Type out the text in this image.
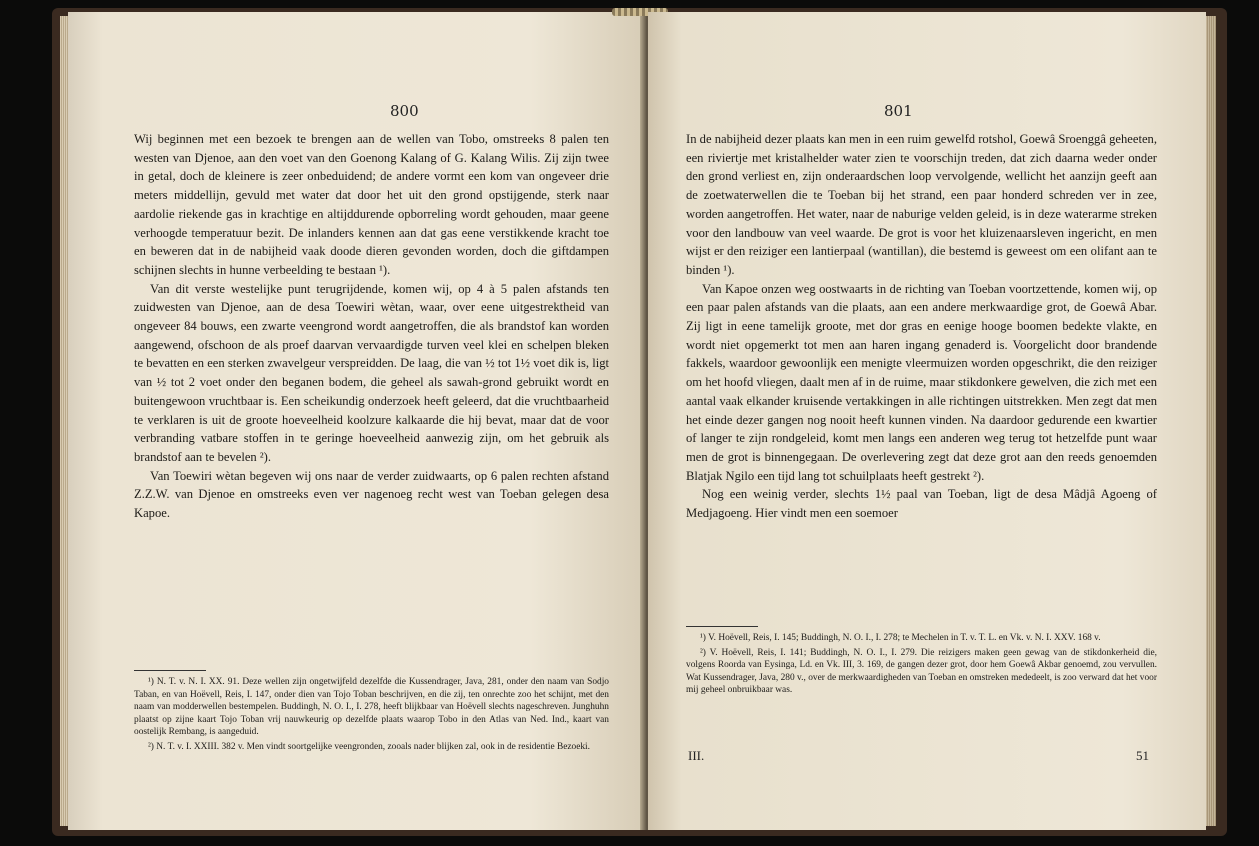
800

Wij beginnen met een bezoek te brengen aan de wellen van Tobo, omstreeks 8 palen ten westen van Djenoe, aan den voet van den Goenong Kalang of G. Kalang Wilis. Zij zijn twee in getal, doch de kleinere is zeer onbeduidend; de andere vormt een kom van ongeveer drie meters middellijn, gevuld met water dat door het uit den grond opstijgende, sterk naar aardolie riekende gas in krachtige en altijddurende opborreling wordt gehouden, maar geene verhoogde temperatuur bezit. De inlanders kennen aan dat gas eene verstikkende kracht toe en beweren dat in de nabijheid vaak doode dieren gevonden worden, doch die giftdampen schijnen slechts in hunne verbeelding te bestaan ¹).

Van dit verste westelijke punt terugrijdende, komen wij, op 4 à 5 palen afstands ten zuidwesten van Djenoe, aan de desa Toewiri wètan, waar, over eene uitgestrektheid van ongeveer 84 bouws, een zwarte veengrond wordt aangetroffen, die als brandstof kan worden aangewend, ofschoon de als proef daarvan vervaardigde turven veel klei en schelpen bleken te bevatten en een sterken zwavelgeur verspreidden. De laag, die van ½ tot 1½ voet dik is, ligt van ½ tot 2 voet onder den beganen bodem, die geheel als sawah-grond gebruikt wordt en buitengewoon vruchtbaar is. Een scheikundig onderzoek heeft geleerd, dat die vruchtbaarheid te verklaren is uit de groote hoeveelheid koolzure kalkaarde die hij bevat, maar dat de voor verbranding vatbare stoffen in te geringe hoeveelheid aanwezig zijn, om het gebruik als brandstof aan te bevelen ²).

Van Toewiri wètan begeven wij ons naar de verder zuidwaarts, op 6 palen rechten afstand Z.Z.W. van Djenoe en omstreeks even ver nagenoeg recht west van Toeban gelegen desa Kapoe.

¹) N. T. v. N. I. XX. 91. Deze wellen zijn ongetwijfeld dezelfde die Kussendrager, Java, 281, onder den naam van Sodjo Taban, en van Hoëvell, Reis, I. 147, onder dien van Tojo Toban beschrijven, en die zij, ten onrechte zoo het schijnt, met den naam van modderwellen bestempelen. Buddingh, N. O. I., I. 278, heeft blijkbaar van Hoëvell slechts nageschreven. Junghuhn plaatst op zijne kaart Tojo Toban vrij nauwkeurig op dezelfde plaats waarop Tobo in den Atlas van Ned. Ind., kaart van oostelijk Rembang, is aangeduid.

²) N. T. v. I. XXIII. 382 v. Men vindt soortgelijke veengronden, zooals nader blijken zal, ook in de residentie Bezoeki.

801

In de nabijheid dezer plaats kan men in een ruim gewelfd rotshol, Goewâ Sroenggâ geheeten, een riviertje met kristalhelder water zien te voorschijn treden, dat zich daarna weder onder den grond verliest en, zijn onderaardschen loop vervolgende, wellicht het aanzijn geeft aan de zoetwaterwellen die te Toeban bij het strand, een paar honderd schreden ver in zee, worden aangetroffen. Het water, naar de naburige velden geleid, is in deze waterarme streken voor den landbouw van veel waarde. De grot is voor het kluizenaarsleven ingericht, en men wijst er den reiziger een lantierpaal (wantillan), die bestemd is geweest om een olifant aan te binden ¹).

Van Kapoe onzen weg oostwaarts in de richting van Toeban voortzettende, komen wij, op een paar palen afstands van die plaats, aan een andere merkwaardige grot, de Goewâ Abar. Zij ligt in eene tamelijk groote, met dor gras en eenige hooge boomen bedekte vlakte, en wordt niet opgemerkt tot men aan haren ingang genaderd is. Voorgelicht door brandende fakkels, waardoor gewoonlijk een menigte vleermuizen worden opgeschrikt, die den reiziger om het hoofd vliegen, daalt men af in de ruime, maar stikdonkere gewelven, die zich met een aantal vaak elkander kruisende vertakkingen in alle richtingen uitstrekken. Men zegt dat men het einde dezer gangen nog nooit heeft kunnen vinden. Na daardoor gedurende een kwartier of langer te zijn rondgeleid, komt men langs een anderen weg terug tot hetzelfde punt waar men de grot is binnengegaan. De overlevering zegt dat deze grot aan den reeds genoemden Blatjak Ngilo een tijd lang tot schuilplaats heeft gestrekt ²).

Nog een weinig verder, slechts 1½ paal van Toeban, ligt de desa Mâdjâ Agoeng of Medjagoeng. Hier vindt men een soemoer

¹) V. Hoëvell, Reis, I. 145; Buddingh, N. O. I., I. 278; te Mechelen in T. v. T. L. en Vk. v. N. I. XXV. 168 v.

²) V. Hoëvell, Reis, I. 141; Buddingh, N. O. I., I. 279. Die reizigers maken geen gewag van de stikdonkerheid die, volgens Roorda van Eysinga, Ld. en Vk. III, 3. 169, de gangen dezer grot, door hem Goewâ Akbar genoemd, zou vervullen. Wat Kussendrager, Java, 280 v., over de merkwaardigheden van Toeban en omstreken mededeelt, is zoo verward dat het voor mij geheel onbruikbaar was.

III.	51
